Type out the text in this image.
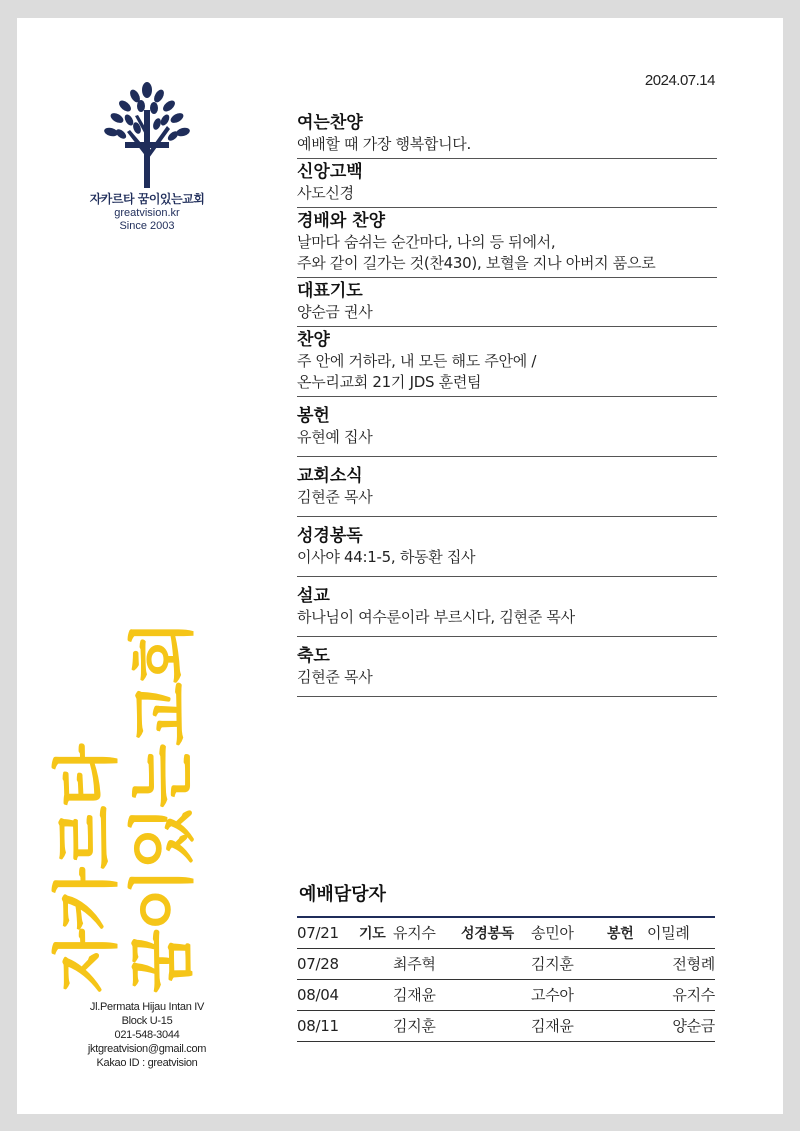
2024.07.14
자카르타 꿈이있는교회
greatvision.kr
Since 2003
자카르타 꿈이있는교회
Jl.Permata Hijau Intan IV
Block U-15
021-548-3044
jktgreatvision@gmail.com
Kakao ID : greatvision
여는찬양
예배할 때 가장 행복합니다.
신앙고백
사도신경
경배와 찬양
날마다 숨쉬는 순간마다, 나의 등 뒤에서,
주와 같이 길가는 것(찬430), 보혈을 지나 아버지 품으로
대표기도
양순금 권사
찬양
주 안에 거하라, 내 모든 해도 주안에 /
온누리교회 21기 JDS 훈련팀
봉헌
유현예 집사
교회소식
김현준 목사
성경봉독
이사야 44:1-5, 하동환 집사
설교
하나님이 여수룬이라 부르시다, 김현준 목사
축도
김현준 목사
예배담당자
07/21	기도	유지수	성경봉독	송민아	봉헌	이밀례
07/28		최주혁		김지훈		전형례
08/04		김재윤		고수아		유지수
08/11		김지훈		김재윤		양순금
